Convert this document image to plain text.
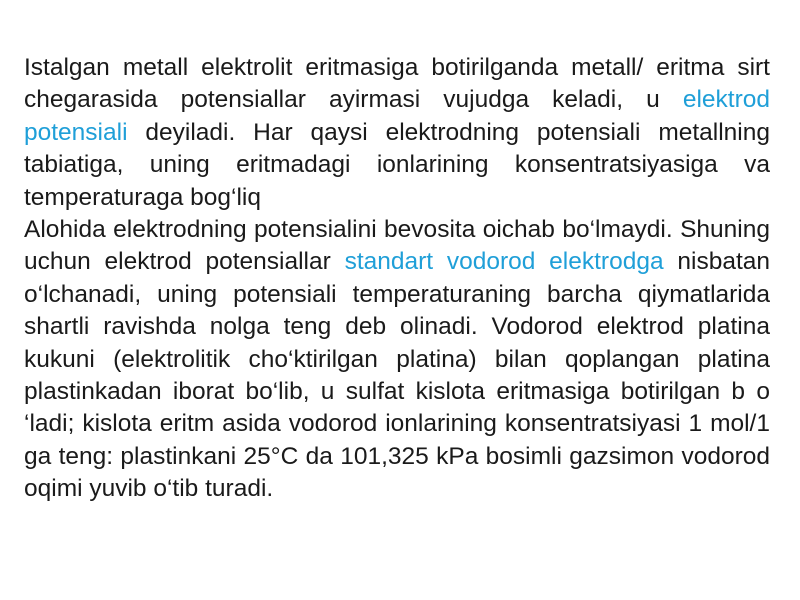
Istalgan metall elektrolit eritmasiga botirilganda metall/ eritma sirt chegarasida potensiallar ayirmasi vujudga keladi, u elektrod potensiali deyiladi. Har qaysi elektrodning potensiali metallning tabiatiga, uning eritmadagi ionlarining konsentratsiyasiga va temperaturaga bog‘liq

Alohida elektrodning potensialini bevosita oichab bo‘lmaydi. Shuning uchun elektrod potensiallar standart vodorod elektrodga nisbatan o‘lchanadi, uning potensiali temperaturaning barcha qiymatlarida shartli ravishda nolga teng deb olinadi. Vodorod elektrod platina kukuni (elektrolitik cho‘ktirilgan platina) bilan qoplangan platina plastinkadan iborat bo‘lib, u sulfat kislota eritmasiga botirilgan b o ‘ladi; kislota eritm asida vodorod ionlarining konsentratsiyasi 1 mol/1 ga teng: plastinkani 25°C da 101,325 kPa bosimli gazsimon vodorod oqimi yuvib o‘tib turadi.
